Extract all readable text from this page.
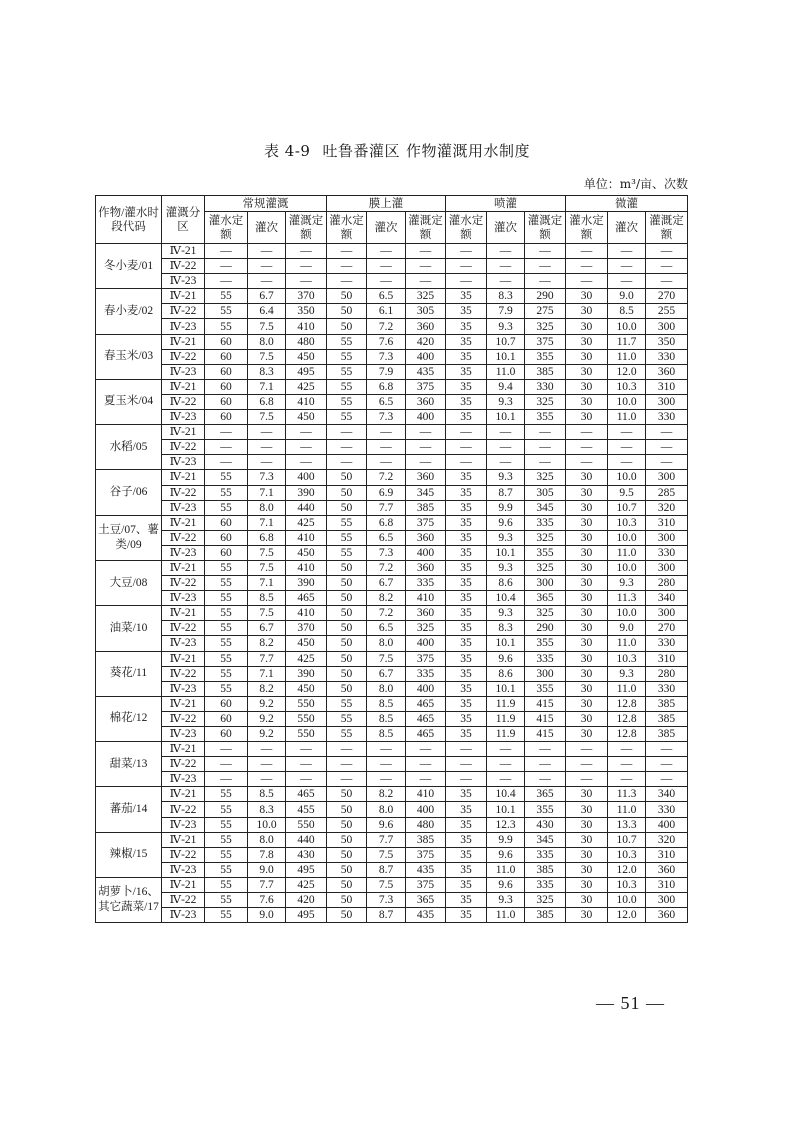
表 4-9 吐鲁番灌区 作物灌溉用水制度
单位：m³/亩、次数
作物/灌水时段代码	灌溉分区	常规灌溉			膜上灌			喷灌			微灌		
		灌水定额	灌次	灌溉定额	灌水定额	灌次	灌溉定额	灌水定额	灌次	灌溉定额	灌水定额	灌次	灌溉定额
冬小麦/01	Ⅳ-21	—	—	—	—	—	—	—	—	—	—	—	—
	Ⅳ-22	—	—	—	—	—	—	—	—	—	—	—	—
	Ⅳ-23	—	—	—	—	—	—	—	—	—	—	—	—
春小麦/02	Ⅳ-21	55	6.7	370	50	6.5	325	35	8.3	290	30	9.0	270
	Ⅳ-22	55	6.4	350	50	6.1	305	35	7.9	275	30	8.5	255
	Ⅳ-23	55	7.5	410	50	7.2	360	35	9.3	325	30	10.0	300
春玉米/03	Ⅳ-21	60	8.0	480	55	7.6	420	35	10.7	375	30	11.7	350
	Ⅳ-22	60	7.5	450	55	7.3	400	35	10.1	355	30	11.0	330
	Ⅳ-23	60	8.3	495	55	7.9	435	35	11.0	385	30	12.0	360
夏玉米/04	Ⅳ-21	60	7.1	425	55	6.8	375	35	9.4	330	30	10.3	310
	Ⅳ-22	60	6.8	410	55	6.5	360	35	9.3	325	30	10.0	300
	Ⅳ-23	60	7.5	450	55	7.3	400	35	10.1	355	30	11.0	330
水稻/05	Ⅳ-21	—	—	—	—	—	—	—	—	—	—	—	—
	Ⅳ-22	—	—	—	—	—	—	—	—	—	—	—	—
	Ⅳ-23	—	—	—	—	—	—	—	—	—	—	—	—
谷子/06	Ⅳ-21	55	7.3	400	50	7.2	360	35	9.3	325	30	10.0	300
	Ⅳ-22	55	7.1	390	50	6.9	345	35	8.7	305	30	9.5	285
	Ⅳ-23	55	8.0	440	50	7.7	385	35	9.9	345	30	10.7	320
土豆/07、薯类/09	Ⅳ-21	60	7.1	425	55	6.8	375	35	9.6	335	30	10.3	310
	Ⅳ-22	60	6.8	410	55	6.5	360	35	9.3	325	30	10.0	300
	Ⅳ-23	60	7.5	450	55	7.3	400	35	10.1	355	30	11.0	330
大豆/08	Ⅳ-21	55	7.5	410	50	7.2	360	35	9.3	325	30	10.0	300
	Ⅳ-22	55	7.1	390	50	6.7	335	35	8.6	300	30	9.3	280
	Ⅳ-23	55	8.5	465	50	8.2	410	35	10.4	365	30	11.3	340
油菜/10	Ⅳ-21	55	7.5	410	50	7.2	360	35	9.3	325	30	10.0	300
	Ⅳ-22	55	6.7	370	50	6.5	325	35	8.3	290	30	9.0	270
	Ⅳ-23	55	8.2	450	50	8.0	400	35	10.1	355	30	11.0	330
葵花/11	Ⅳ-21	55	7.7	425	50	7.5	375	35	9.6	335	30	10.3	310
	Ⅳ-22	55	7.1	390	50	6.7	335	35	8.6	300	30	9.3	280
	Ⅳ-23	55	8.2	450	50	8.0	400	35	10.1	355	30	11.0	330
棉花/12	Ⅳ-21	60	9.2	550	55	8.5	465	35	11.9	415	30	12.8	385
	Ⅳ-22	60	9.2	550	55	8.5	465	35	11.9	415	30	12.8	385
	Ⅳ-23	60	9.2	550	55	8.5	465	35	11.9	415	30	12.8	385
甜菜/13	Ⅳ-21	—	—	—	—	—	—	—	—	—	—	—	—
	Ⅳ-22	—	—	—	—	—	—	—	—	—	—	—	—
	Ⅳ-23	—	—	—	—	—	—	—	—	—	—	—	—
蕃茄/14	Ⅳ-21	55	8.5	465	50	8.2	410	35	10.4	365	30	11.3	340
	Ⅳ-22	55	8.3	455	50	8.0	400	35	10.1	355	30	11.0	330
	Ⅳ-23	55	10.0	550	50	9.6	480	35	12.3	430	30	13.3	400
辣椒/15	Ⅳ-21	55	8.0	440	50	7.7	385	35	9.9	345	30	10.7	320
	Ⅳ-22	55	7.8	430	50	7.5	375	35	9.6	335	30	10.3	310
	Ⅳ-23	55	9.0	495	50	8.7	435	35	11.0	385	30	12.0	360
胡萝卜/16、其它蔬菜/17	Ⅳ-21	55	7.7	425	50	7.5	375	35	9.6	335	30	10.3	310
	Ⅳ-22	55	7.6	420	50	7.3	365	35	9.3	325	30	10.0	300
	Ⅳ-23	55	9.0	495	50	8.7	435	35	11.0	385	30	12.0	360
— 51 —
